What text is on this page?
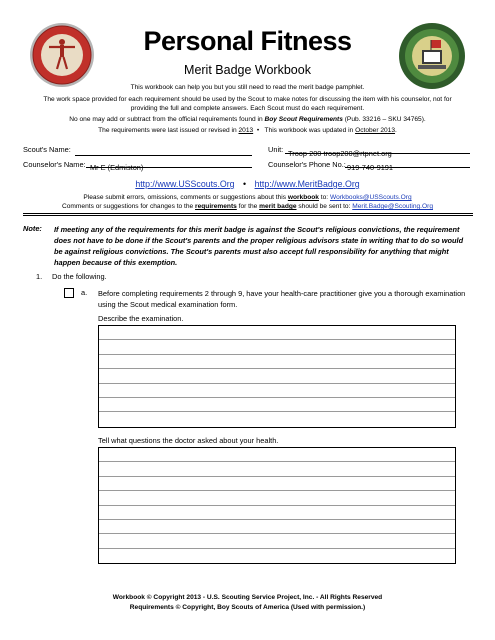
Personal Fitness
Merit Badge Workbook
This workbook can help you but you still need to read the merit badge pamphlet.
The work space provided for each requirement should be used by the Scout to make notes for discussing the item with his counselor, not for
providing the full and complete answers. Each Scout must do each requirement.
No one may add or subtract from the official requirements found in Boy Scout Requirements (Pub. 33216 – SKU 34765).
The requirements were last issued or revised in 2013  •   This workbook was updated in October 2013.
Scout's Name:	Unit: Troop 200 troop200@rtpnet.org
Counselor's Name: Mr E (Edmiston)	Counselor's Phone No.: 919-740-9191
http://www.USScouts.Org • http://www.MeritBadge.Org
Please submit errors, omissions, comments or suggestions about this workbook to: Workbooks@USScouts.Org
Comments or suggestions for changes to the requirements for the merit badge should be sent to: Merit.Badge@Scouting.Org
Note: If meeting any of the requirements for this merit badge is against the Scout's religious convictions, the requirement does not have to be done if the Scout's parents and the proper religious advisors state in writing that to do so would be against religious convictions. The Scout's parents must also accept full responsibility for anything that might happen because of this exemption.
1. Do the following.
a. Before completing requirements 2 through 9, have your health-care practitioner give you a thorough examination using the Scout medical examination form.
Describe the examination.
Tell what questions the doctor asked about your health.
Workbook © Copyright 2013 - U.S. Scouting Service Project, Inc. - All Rights Reserved
Requirements © Copyright, Boy Scouts of America (Used with permission.)
